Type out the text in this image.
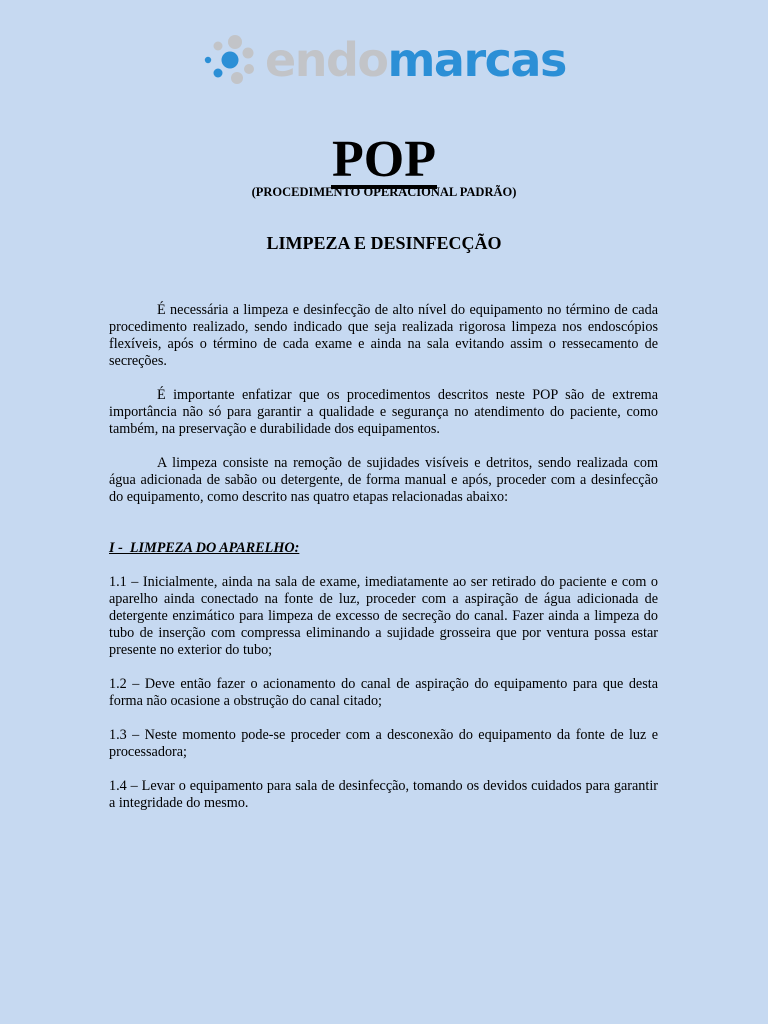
endomarcas
POP
(PROCEDIMENTO OPERACIONAL PADRÃO)
LIMPEZA E DESINFECÇÃO

É necessária a limpeza e desinfecção de alto nível do equipamento no término de cada procedimento realizado, sendo indicado que seja realizada rigorosa limpeza nos endoscópios flexíveis, após o término de cada exame e ainda na sala evitando assim o ressecamento de secreções.

É importante enfatizar que os procedimentos descritos neste POP são de extrema importância não só para garantir a qualidade e segurança no atendimento do paciente, como também, na preservação e durabilidade dos equipamentos.

A limpeza consiste na remoção de sujidades visíveis e detritos, sendo realizada com água adicionada de sabão ou detergente, de forma manual e após, proceder com a desinfecção do equipamento, como descrito nas quatro etapas relacionadas abaixo:

I -  LIMPEZA DO APARELHO:

1.1 – Inicialmente, ainda na sala de exame, imediatamente ao ser retirado do paciente e com o aparelho ainda conectado na fonte de luz, proceder com a aspiração de água adicionada de detergente enzimático para limpeza de excesso de secreção do canal. Fazer ainda a limpeza do tubo de inserção com compressa eliminando a sujidade grosseira que por ventura possa estar presente no exterior do tubo;

1.2 – Deve então fazer o acionamento do canal de aspiração do equipamento para que desta forma não ocasione a obstrução do canal citado;

1.3 – Neste momento pode-se proceder com a desconexão do equipamento da fonte de luz e processadora;

1.4 – Levar o equipamento para sala de desinfecção, tomando os devidos cuidados para garantir a integridade do mesmo.
